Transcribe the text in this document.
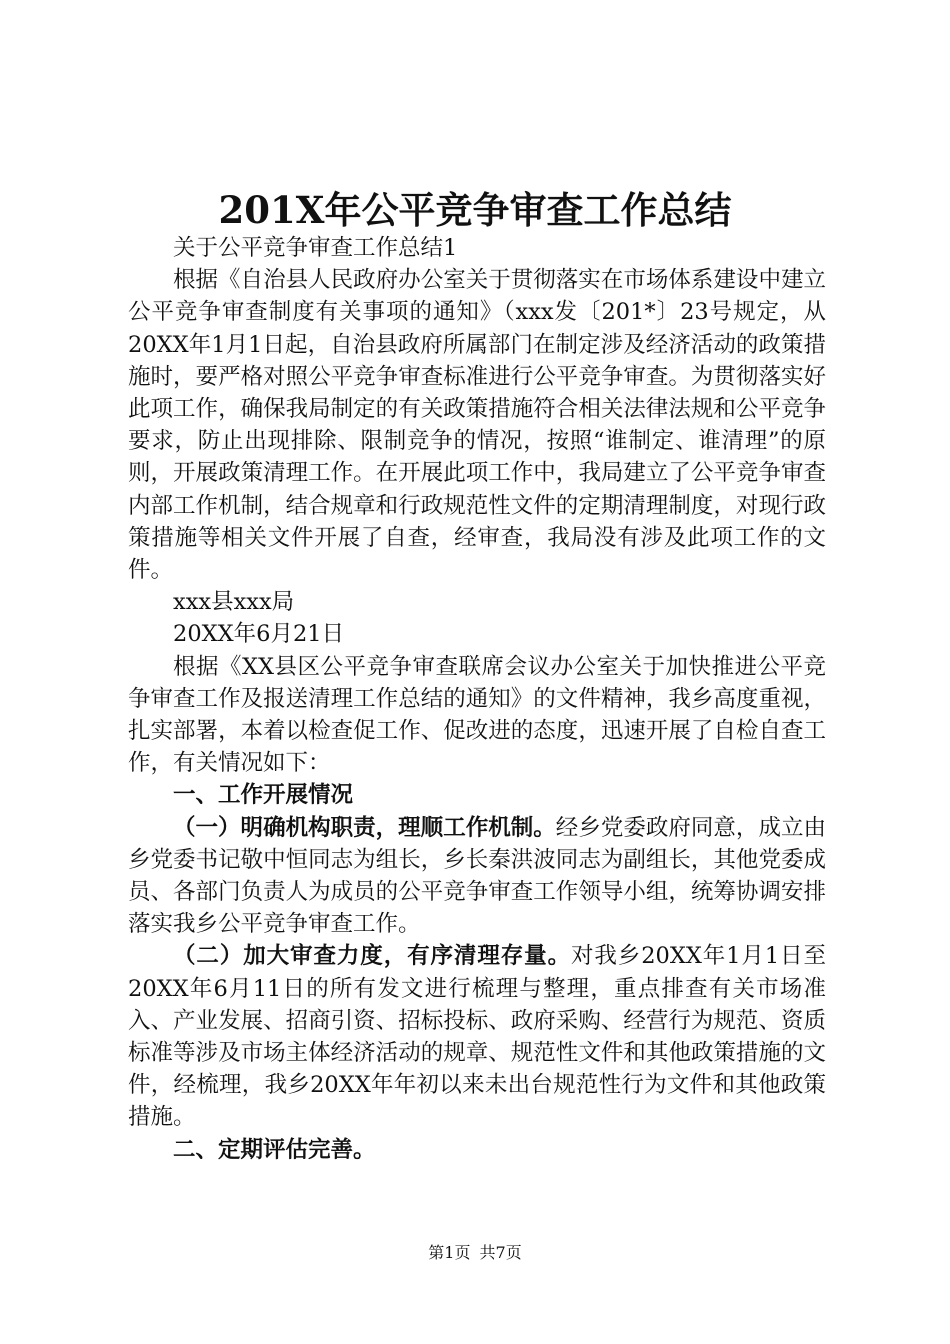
201X年公平竞争审查工作总结

关于公平竞争审查工作总结1

根据《自治县人民政府办公室关于贯彻落实在市场体系建设中建立公平竞争审查制度有关事项的通知》（xxx发〔201*〕23号规定，从20XX年1月1日起，自治县政府所属部门在制定涉及经济活动的政策措施时，要严格对照公平竞争审查标准进行公平竞争审查。为贯彻落实好此项工作，确保我局制定的有关政策措施符合相关法律法规和公平竞争要求，防止出现排除、限制竞争的情况，按照“谁制定、谁清理”的原则，开展政策清理工作。在开展此项工作中，我局建立了公平竞争审查内部工作机制，结合规章和行政规范性文件的定期清理制度，对现行政策措施等相关文件开展了自查，经审查，我局没有涉及此项工作的文件。

xxx县xxx局

20XX年6月21日

根据《XX县区公平竞争审查联席会议办公室关于加快推进公平竞争审查工作及报送清理工作总结的通知》的文件精神，我乡高度重视，扎实部署，本着以检查促工作、促改进的态度，迅速开展了自检自查工作，有关情况如下：

一、工作开展情况

（一）明确机构职责，理顺工作机制。经乡党委政府同意，成立由乡党委书记敬中恒同志为组长，乡长秦洪波同志为副组长，其他党委成员、各部门负责人为成员的公平竞争审查工作领导小组，统筹协调安排落实我乡公平竞争审查工作。

（二）加大审查力度，有序清理存量。对我乡20XX年1月1日至20XX年6月11日的所有发文进行梳理与整理，重点排查有关市场准入、产业发展、招商引资、招标投标、政府采购、经营行为规范、资质标准等涉及市场主体经济活动的规章、规范性文件和其他政策措施的文件，经梳理，我乡20XX年年初以来未出台规范性行为文件和其他政策措施。

二、定期评估完善。

第1页 共7页
